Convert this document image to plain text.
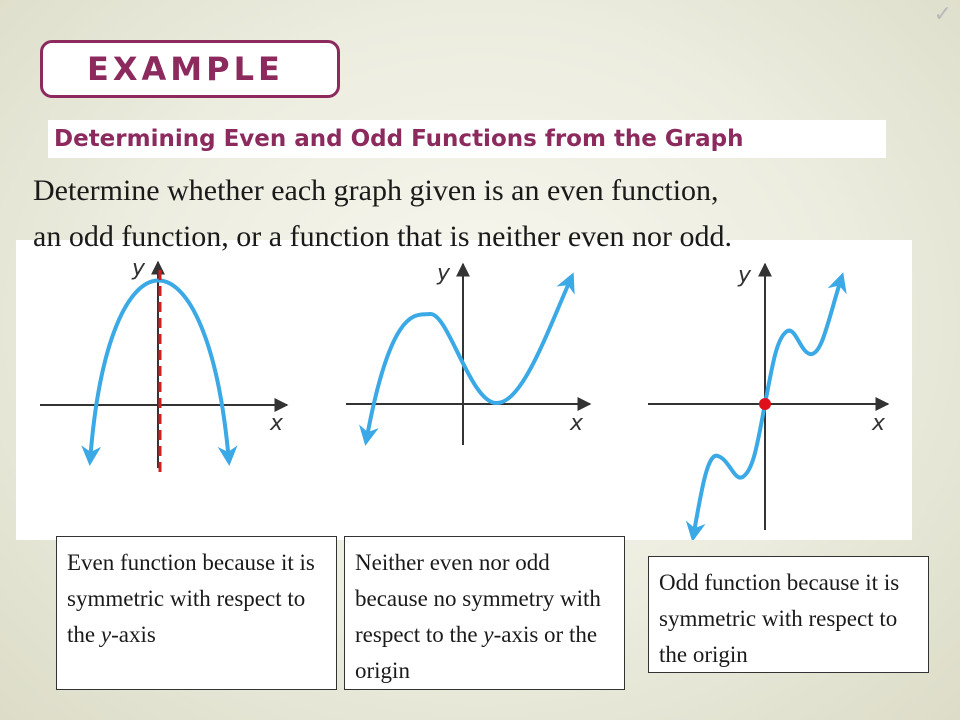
✓
EXAMPLE
Determining Even and Odd Functions from the Graph
Determine whether each graph given is an even function,
an odd function, or a function that is neither even nor odd.
x
y
x
y
x
y
Even function because it is symmetric with respect to the y-axis
Neither even nor odd because no symmetry with respect to the y-axis or the origin
Odd function because it is symmetric with respect to the origin
